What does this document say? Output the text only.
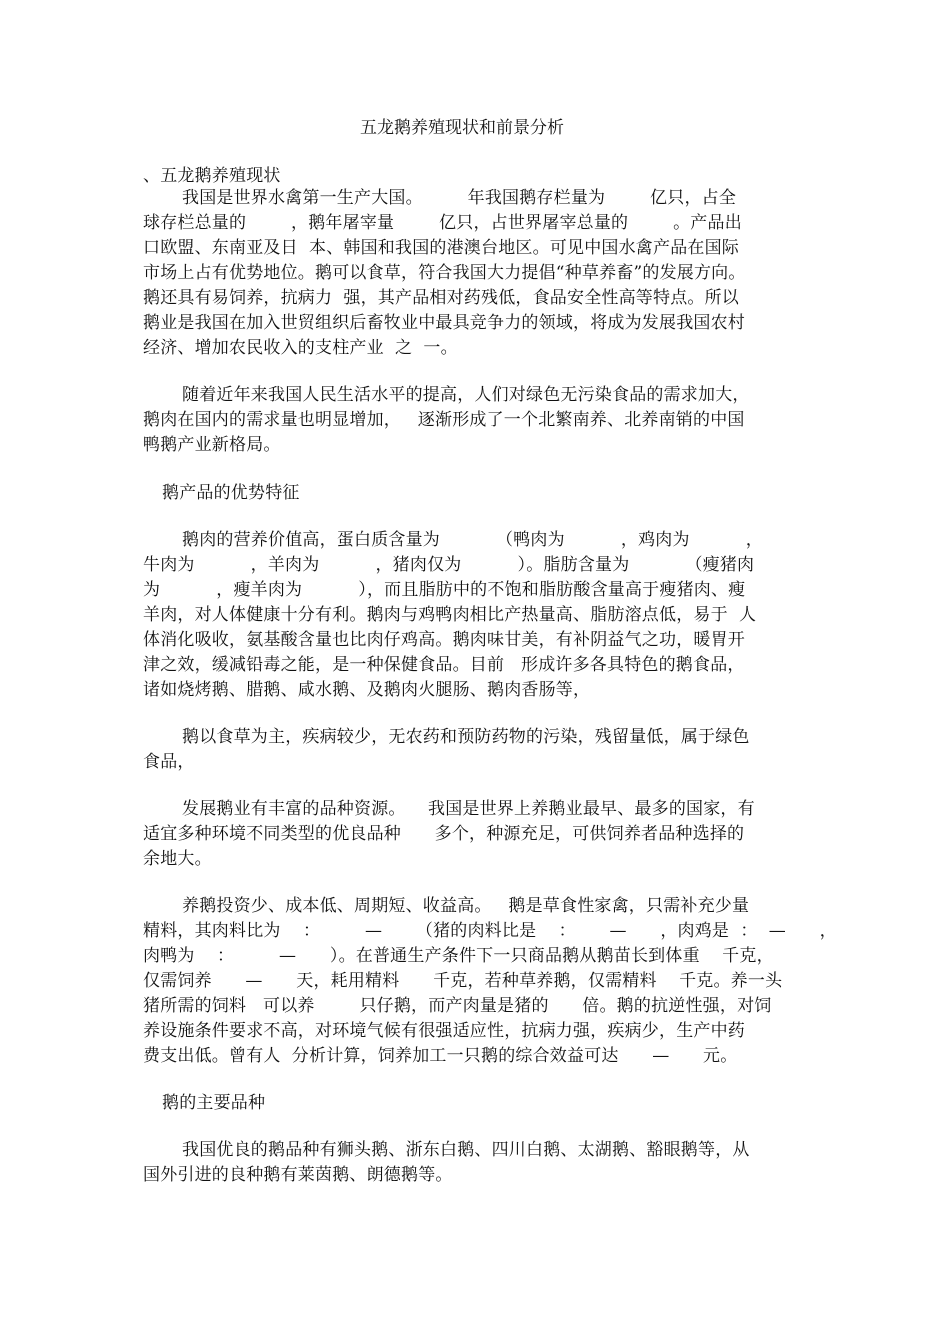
五龙鹅养殖现状和前景分析
、五龙鹅养殖现状
我国是世界水禽第一生产大国。        年我国鹅存栏量为        亿只，占全
球存栏总量的        ，鹅年屠宰量        亿只，占世界屠宰总量的        。产品出
口欧盟、东南亚及日  本、韩国和我国的港澳台地区。可见中国水禽产品在国际
市场上占有优势地位。鹅可以食草，符合我国大力提倡“种草养畜”的发展方向。
鹅还具有易饲养，抗病力  强，其产品相对药残低，食品安全性高等特点。所以
鹅业是我国在加入世贸组织后畜牧业中最具竞争力的领域，将成为发展我国农村
经济、增加农民收入的支柱产业  之  一。
随着近年来我国人民生活水平的提高，人们对绿色无污染食品的需求加大，
鹅肉在国内的需求量也明显增加，   逐渐形成了一个北繁南养、北养南销的中国
鸭鹅产业新格局。
鹅产品的优势特征
鹅肉的营养价值高，蛋白质含量为          （鸭肉为          ，鸡肉为          ，
牛肉为          ，羊肉为          ，猪肉仅为          ）。脂肪含量为          （瘦猪肉
为          ，瘦羊肉为          ），而且脂肪中的不饱和脂肪酸含量高于瘦猪肉、瘦
羊肉，对人体健康十分有利。鹅肉与鸡鸭肉相比产热量高、脂肪溶点低，易于  人
体消化吸收，氨基酸含量也比肉仔鸡高。鹅肉味甘美，有补阴益气之功，暖胃开
津之效，缓减铅毒之能，是一种保健食品。目前   形成许多各具特色的鹅食品，
诸如烧烤鹅、腊鹅、咸水鹅、及鹅肉火腿肠、鹅肉香肠等，
鹅以食草为主，疾病较少，无农药和预防药物的污染，残留量低，属于绿色
食品，
发展鹅业有丰富的品种资源。    我国是世界上养鹅业最早、最多的国家，有
适宜多种环境不同类型的优良品种      多个，种源充足，可供饲养者品种选择的
余地大。
养鹅投资少、成本低、周期短、收益高。   鹅是草食性家禽，只需补充少量
精料，其肉料比为    ：        —      （猪的肉料比是    ：      —      ，肉鸡是  ：  —      ，
肉鸭为    ：        —      ）。在普通生产条件下一只商品鹅从鹅苗长到体重    千克，
仅需饲养      —      天，耗用精料      千克，若种草养鹅，仅需精料    千克。养一头
猪所需的饲料   可以养        只仔鹅，而产肉量是猪的      倍。鹅的抗逆性强，对饲
养设施条件要求不高，对环境气候有很强适应性，抗病力强，疾病少，生产中药
费支出低。曾有人  分析计算，饲养加工一只鹅的综合效益可达      —      元。
鹅的主要品种
我国优良的鹅品种有狮头鹅、浙东白鹅、四川白鹅、太湖鹅、豁眼鹅等，从
国外引进的良种鹅有莱茵鹅、朗德鹅等。
